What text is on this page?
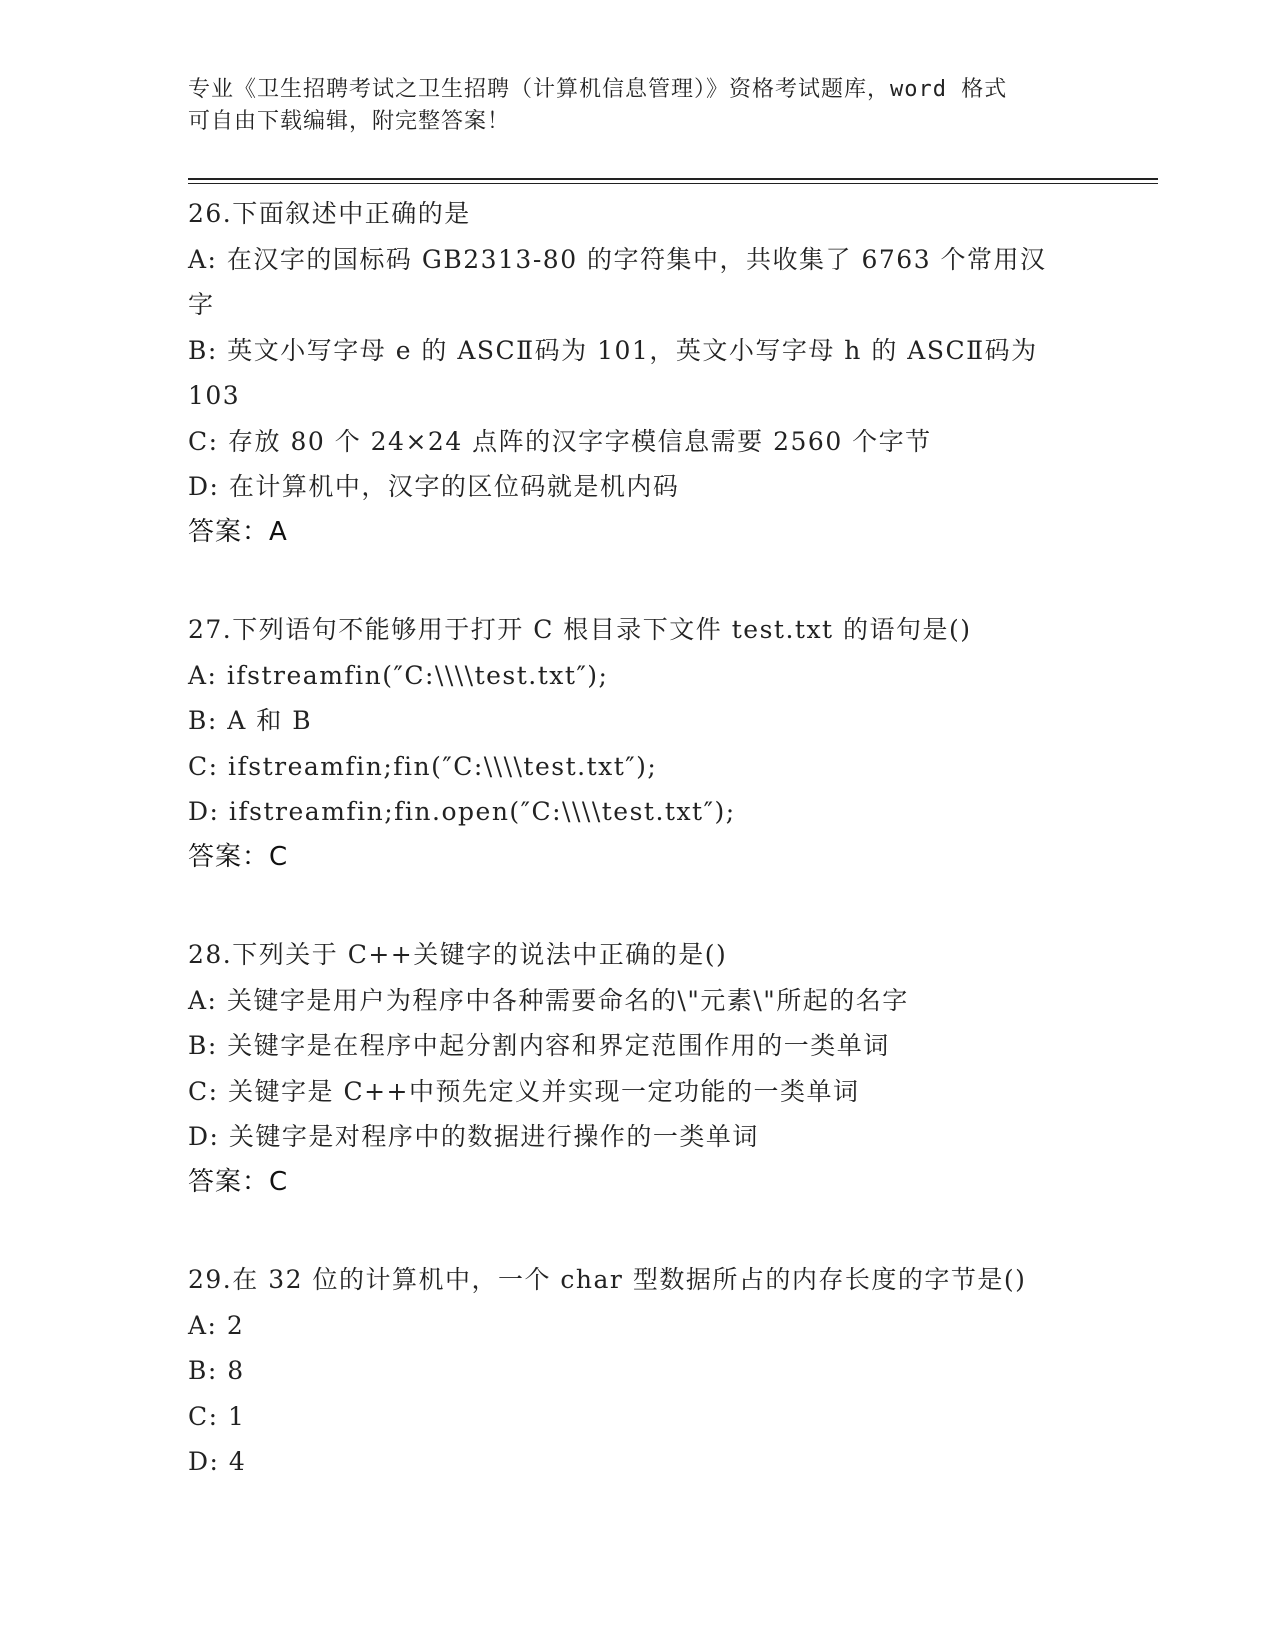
专业《卫生招聘考试之卫生招聘（计算机信息管理）》资格考试题库，word 格式
可自由下载编辑，附完整答案！
26.下面叙述中正确的是
A: 在汉字的国标码 GB2313-80 的字符集中，共收集了 6763 个常用汉字
B: 英文小写字母 e 的 ASCⅡ码为 101，英文小写字母 h 的 ASCⅡ码为 103
C: 存放 80 个 24×24 点阵的汉字字模信息需要 2560 个字节
D: 在计算机中，汉字的区位码就是机内码
答案：A
27.下列语句不能够用于打开 C 根目录下文件 test.txt 的语句是()
A: ifstreamfin(″C:\\\\test.txt″);
B: A 和 B
C: ifstreamfin;fin(″C:\\\\test.txt″);
D: ifstreamfin;fin.open(″C:\\\\test.txt″);
答案：C
28.下列关于 C++关键字的说法中正确的是()
A: 关键字是用户为程序中各种需要命名的\"元素\"所起的名字
B: 关键字是在程序中起分割内容和界定范围作用的一类单词
C: 关键字是 C++中预先定义并实现一定功能的一类单词
D: 关键字是对程序中的数据进行操作的一类单词
答案：C
29.在 32 位的计算机中，一个 char 型数据所占的内存长度的字节是()
A: 2
B: 8
C: 1
D: 4
